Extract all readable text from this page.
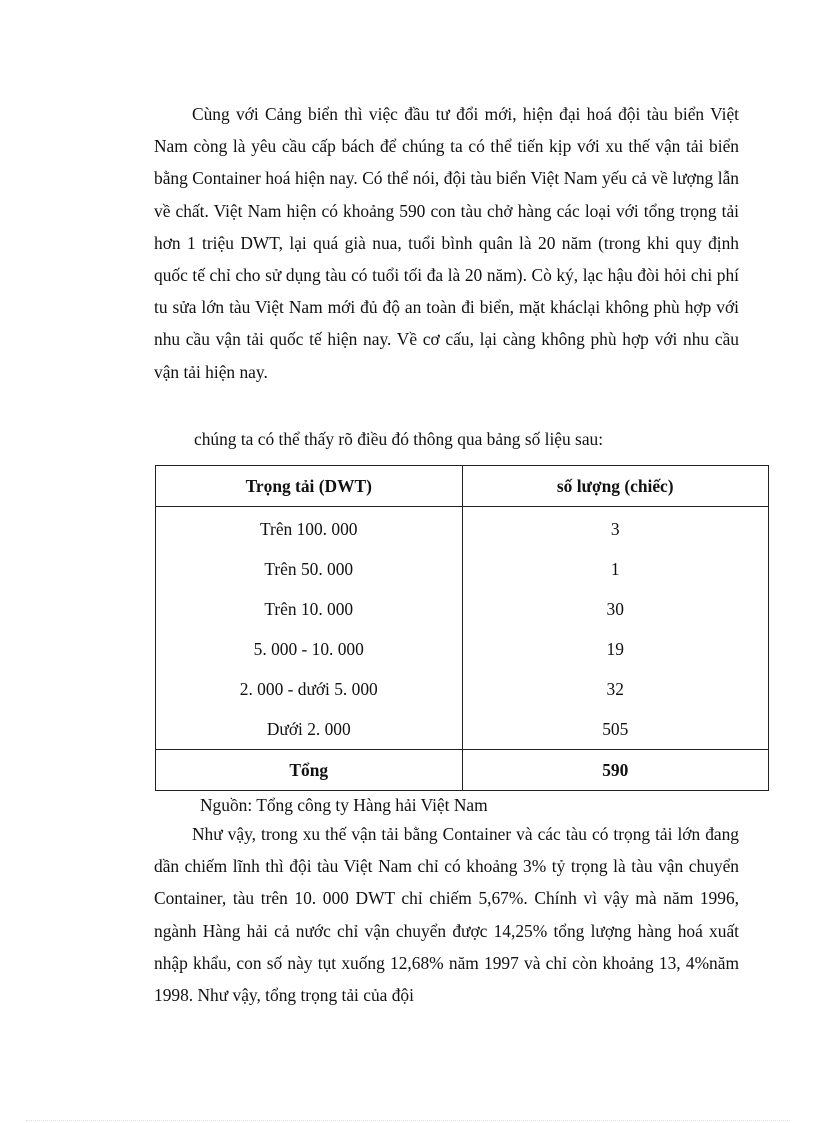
Cùng với Cảng biển thì việc đầu tư đổi mới, hiện đại hoá đội tàu biển Việt Nam còng là yêu cầu cấp bách để chúng ta có thể tiến kịp với xu thế vận tải biển bằng Container hoá hiện nay. Có thể nói, đội tàu biển Việt Nam yếu cả về lượng lẫn về chất. Việt Nam hiện có khoảng 590 con tàu chở hàng các loại với tổng trọng tải hơn 1 triệu DWT, lại quá già nua, tuổi bình quân là 20 năm (trong khi quy định quốc tế chỉ cho sử dụng tàu có tuổi tối đa là 20 năm). Cò ký, lạc hậu đòi hỏi chi phí tu sửa lớn tàu Việt Nam mới đủ độ an toàn đi biển, mặt kháclại không phù hợp với nhu cầu vận tải quốc tế hiện nay. Về cơ cấu, lại càng không phù hợp với nhu cầu vận tải hiện nay.

chúng ta có thể thấy rõ điều đó thông qua bảng số liệu sau:

Trọng tải (DWT)	số lượng (chiếc)
Trên 100. 000	3
Trên 50. 000	1
Trên 10. 000	30
5. 000 - 10. 000	19
2. 000 - dưới 5. 000	32
Dưới 2. 000	505
Tổng	590

Nguồn: Tổng công ty Hàng hải Việt Nam

Như vậy, trong xu thế vận tải bằng Container và các tàu có trọng tải lớn đang dần chiếm lĩnh thì đội tàu Việt Nam chỉ có khoảng 3% tỷ trọng là tàu vận chuyển Container, tàu trên 10. 000 DWT chỉ chiếm 5,67%. Chính vì vậy mà năm 1996, ngành Hàng hải cả nước chỉ vận chuyển được 14,25% tổng lượng hàng hoá xuất nhập khẩu, con số này tụt xuống 12,68% năm 1997 và chỉ còn khoảng 13, 4%năm 1998. Như vậy, tổng trọng tải của đội
